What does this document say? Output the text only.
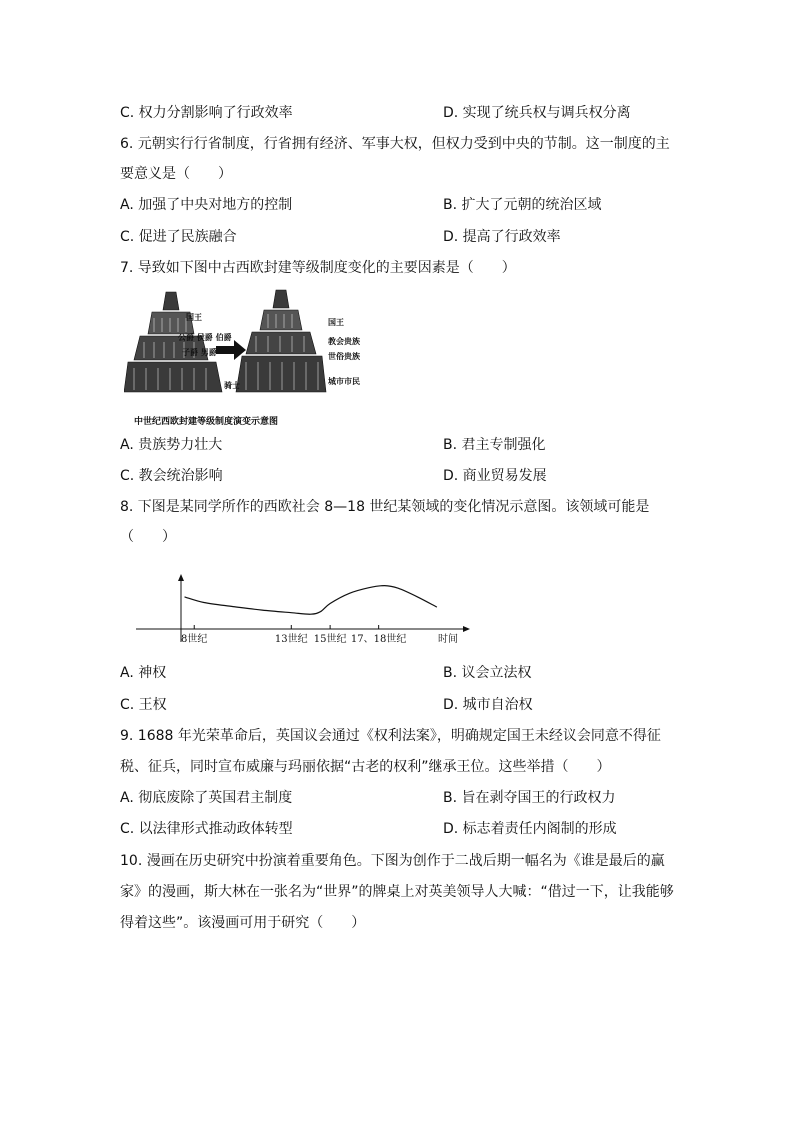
C. 权力分割影响了行政效率	D. 实现了统兵权与调兵权分离
6. 元朝实行行省制度，行省拥有经济、军事大权，但权力受到中央的节制。这一制度的主
要意义是（　　）
A. 加强了中央对地方的控制	B. 扩大了元朝的统治区域
C. 促进了民族融合	D. 提高了行政效率
7. 导致如下图中古西欧封建等级制度变化的主要因素是（　　）
国王
公爵 侯爵 伯爵
子爵 男爵
骑士
国王
教会贵族
世俗贵族
城市市民
中世纪西欧封建等级制度演变示意图
A. 贵族势力壮大	B. 君主专制强化
C. 教会统治影响	D. 商业贸易发展
8. 下图是某同学所作的西欧社会 8—18 世纪某领域的变化情况示意图。该领域可能是
（　　）
8世纪	13世纪 15世纪 17、18世纪	时间
A. 神权	B. 议会立法权
C. 王权	D. 城市自治权
9. 1688 年光荣革命后，英国议会通过《权利法案》，明确规定国王未经议会同意不得征
税、征兵，同时宣布威廉与玛丽依据“古老的权利”继承王位。这些举措（　　）
A. 彻底废除了英国君主制度	B. 旨在剥夺国王的行政权力
C. 以法律形式推动政体转型	D. 标志着责任内阁制的形成
10. 漫画在历史研究中扮演着重要角色。下图为创作于二战后期一幅名为《谁是最后的赢
家》的漫画，斯大林在一张名为“世界”的牌桌上对英美领导人大喊：“借过一下，让我能够
得着这些”。该漫画可用于研究（　　）
